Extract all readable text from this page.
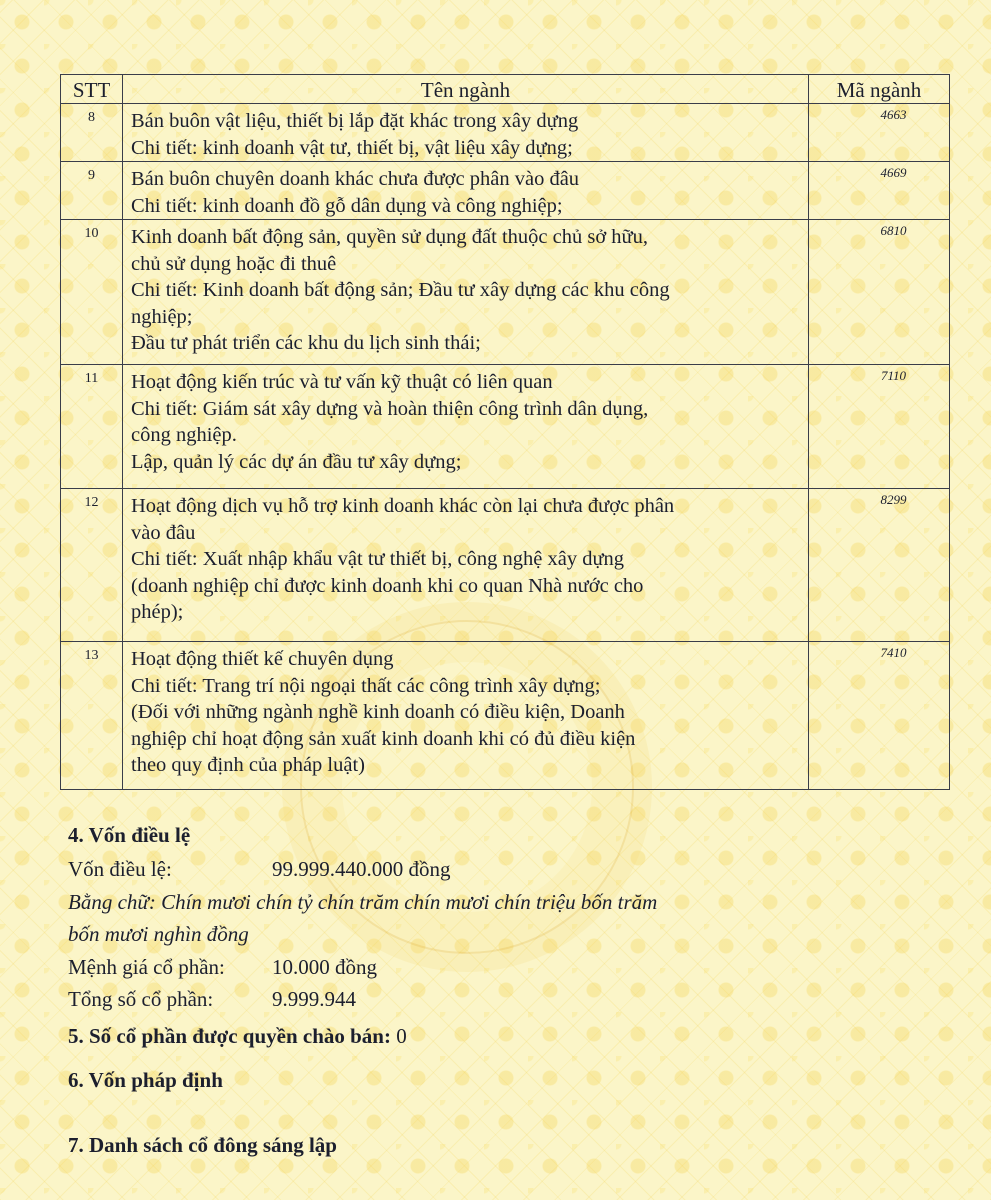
STT	Tên ngành	Mã ngành
8	Bán buôn vật liệu, thiết bị lắp đặt khác trong xây dựng
Chi tiết: kinh doanh vật tư, thiết bị, vật liệu xây dựng;	4663
9	Bán buôn chuyên doanh khác chưa được phân vào đâu
Chi tiết: kinh doanh đồ gỗ dân dụng và công nghiệp;	4669
10	Kinh doanh bất động sản, quyền sử dụng đất thuộc chủ sở hữu,
chủ sử dụng hoặc đi thuê
Chi tiết: Kinh doanh bất động sản; Đầu tư xây dựng các khu công
nghiệp;
Đầu tư phát triển các khu du lịch sinh thái;	6810
11	Hoạt động kiến trúc và tư vấn kỹ thuật có liên quan
Chi tiết: Giám sát xây dựng và hoàn thiện công trình dân dụng,
công nghiệp.
Lập, quản lý các dự án đầu tư xây dựng;	7110
12	Hoạt động dịch vụ hỗ trợ kinh doanh khác còn lại chưa được phân
vào đâu
Chi tiết: Xuất nhập khẩu vật tư thiết bị, công nghệ xây dựng
(doanh nghiệp chỉ được kinh doanh khi co quan Nhà nước cho
phép);	8299
13	Hoạt động thiết kế chuyên dụng
Chi tiết: Trang trí nội ngoại thất các công trình xây dựng;
(Đối với những ngành nghề kinh doanh có điều kiện, Doanh
nghiệp chỉ hoạt động sản xuất kinh doanh khi có đủ điều kiện
theo quy định của pháp luật)	7410
4. Vốn điều lệ
Vốn điều lệ:	99.999.440.000 đồng
Bằng chữ: Chín mươi chín tỷ chín trăm chín mươi chín triệu bốn trăm
bốn mươi nghìn đồng
Mệnh giá cổ phần: 10.000 đồng
Tổng số cổ phần:	9.999.944
5. Số cổ phần được quyền chào bán: 0
6. Vốn pháp định
7. Danh sách cổ đông sáng lập
